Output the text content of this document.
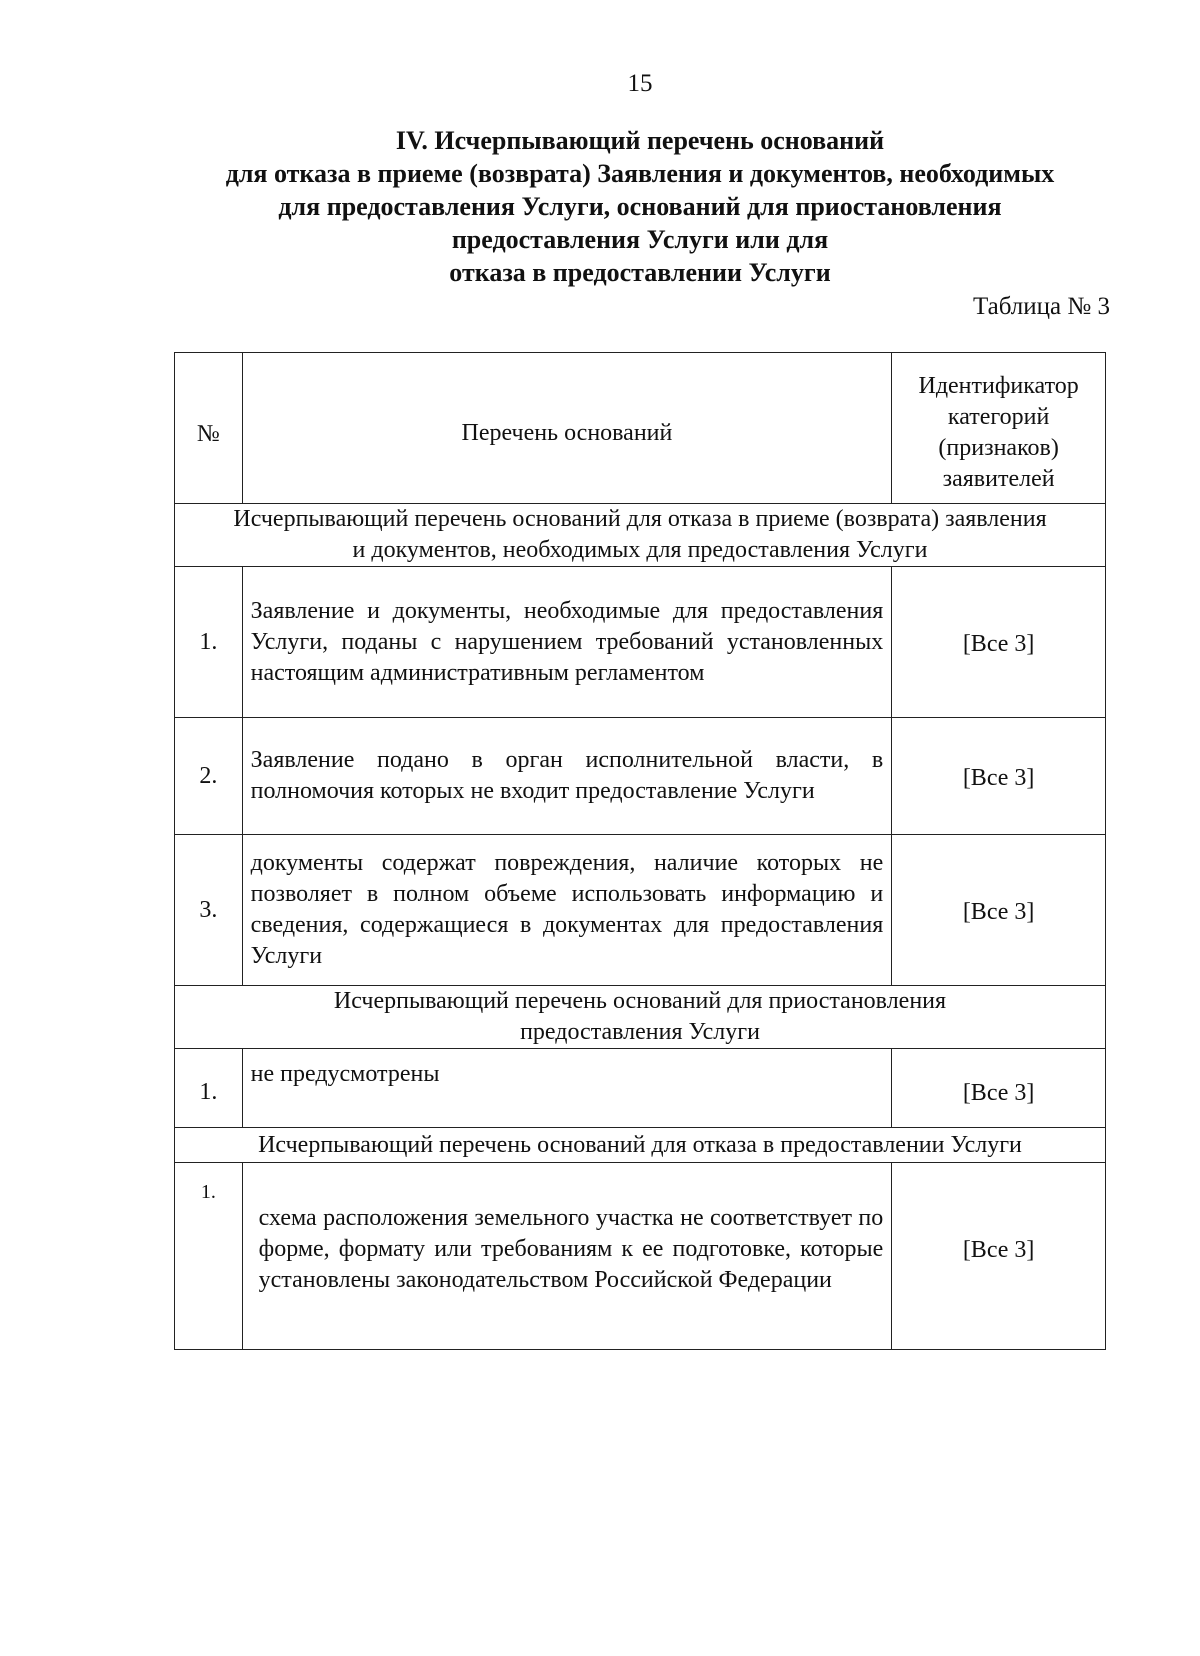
15
IV. Исчерпывающий перечень оснований
для отказа в приеме (возврата) Заявления и документов, необходимых
для предоставления Услуги, оснований для приостановления
предоставления Услуги или для
отказа в предоставлении Услуги
Таблица № 3
№	Перечень оснований	Идентификатор категорий (признаков) заявителей

Исчерпывающий перечень оснований для отказа в приеме (возврата) заявления и документов, необходимых для предоставления Услуги		
1.	Заявление и документы, необходимые для предоставления Услуги, поданы с нарушением требований установленных настоящим административным регламентом	[Все 3]

2.	Заявление подано в орган исполнительной власти, в полномочия которых не входит предоставление Услуги	[Все 3]

3.	документы содержат повреждения, наличие которых не позволяет в полном объеме использовать информацию и сведения, содержащиеся в документах для предоставления Услуги	[Все 3]

Исчерпывающий перечень оснований для приостановления предоставления Услуги		
1.	не предусмотрены	[Все 3]

Исчерпывающий перечень оснований для отказа в предоставлении Услуги		
1.	схема расположения земельного участка не соответствует по форме, формату или требованиям к ее подготовке, которые установлены законодательством Российской Федерации	[Все 3]
